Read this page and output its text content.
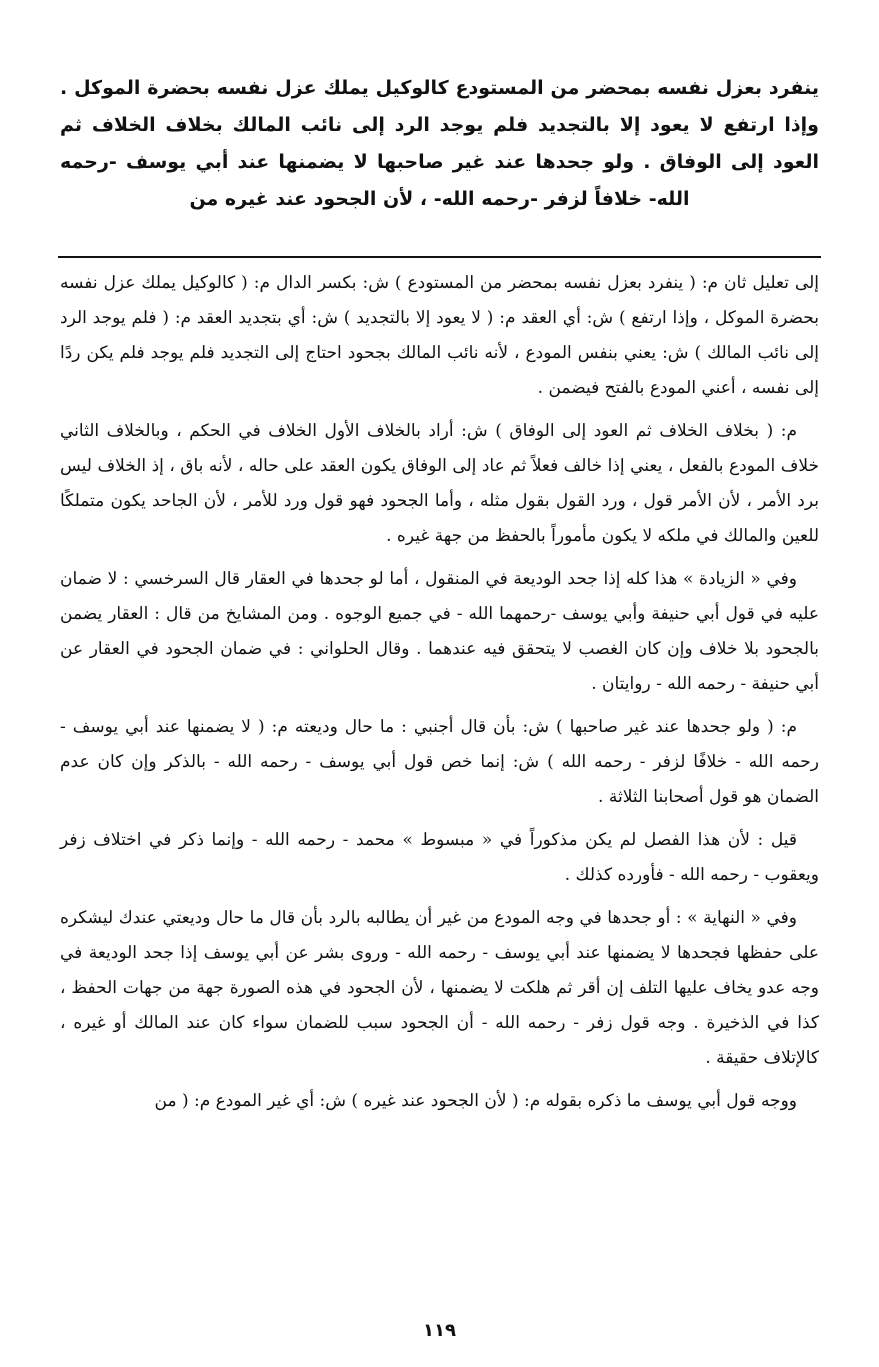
ينفرد بعزل نفسه بمحضر من المستودع كالوكيل يملك عزل نفسه بحضرة الموكل . وإذا ارتفع لا يعود إلا بالتجديد فلم يوجد الرد إلى نائب المالك بخلاف الخلاف ثم العود إلى الوفاق . ولو جحدها عند غير صاحبها لا يضمنها عند أبي يوسف -رحمه الله- خلافاً لزفر -رحمه الله- ، لأن الجحود عند غيره من

إلى تعليل ثان م: ( ينفرد بعزل نفسه بمحضر من المستودع ) ش: بكسر الدال م: ( كالوكيل يملك عزل نفسه بحضرة الموكل ، وإذا ارتفع ) ش: أي العقد م: ( لا يعود إلا بالتجديد ) ش: أي بتجديد العقد م: ( فلم يوجد الرد إلى نائب المالك ) ش: يعني بنفس المودع ، لأنه نائب المالك بجحود احتاج إلى التجديد فلم يوجد فلم يكن ردًا إلى نفسه ، أعني المودع بالفتح فيضمن .

م: ( بخلاف الخلاف ثم العود إلى الوفاق ) ش: أراد بالخلاف الأول الخلاف في الحكم ، وبالخلاف الثاني خلاف المودع بالفعل ، يعني إذا خالف فعلاً ثم عاد إلى الوفاق يكون العقد على حاله ، لأنه باق ، إذ الخلاف ليس برد الأمر ، لأن الأمر قول ، ورد القول بقول مثله ، وأما الجحود فهو قول ورد للأمر ، لأن الجاحد يكون متملكًا للعين والمالك في ملكه لا يكون مأموراً بالحفظ من جهة غيره .

وفي « الزيادة » هذا كله إذا جحد الوديعة في المنقول ، أما لو جحدها في العقار قال السرخسي : لا ضمان عليه في قول أبي حنيفة وأبي يوسف -رحمهما الله - في جميع الوجوه . ومن المشايخ من قال : العقار يضمن بالجحود بلا خلاف وإن كان الغصب لا يتحقق فيه عندهما . وقال الحلواني : في ضمان الجحود في العقار عن أبي حنيفة - رحمه الله - روايتان .

م: ( ولو جحدها عند غير صاحبها ) ش: بأن قال أجنبي : ما حال وديعته م: ( لا يضمنها عند أبي يوسف - رحمه الله - خلافًا لزفر - رحمه الله ) ش: إنما خص قول أبي يوسف - رحمه الله - بالذكر وإن كان عدم الضمان هو قول أصحابنا الثلاثة .

قيل : لأن هذا الفصل لم يكن مذكوراً في « مبسوط » محمد - رحمه الله - وإنما ذكر في اختلاف زفر ويعقوب - رحمه الله - فأورده كذلك .

وفي « النهاية » : أو جحدها في وجه المودع من غير أن يطالبه بالرد بأن قال ما حال وديعتي عندك ليشكره على حفظها فجحدها لا يضمنها عند أبي يوسف - رحمه الله - وروى بشر عن أبي يوسف إذا جحد الوديعة في وجه عدو يخاف عليها التلف إن أقر ثم هلكت لا يضمنها ، لأن الجحود في هذه الصورة جهة من جهات الحفظ ، كذا في الذخيرة . وجه قول زفر - رحمه الله - أن الجحود سبب للضمان سواء كان عند المالك أو غيره ، كالإتلاف حقيقة .

ووجه قول أبي يوسف ما ذكره بقوله م: ( لأن الجحود عند غيره ) ش: أي غير المودع م: ( من

١١٩
